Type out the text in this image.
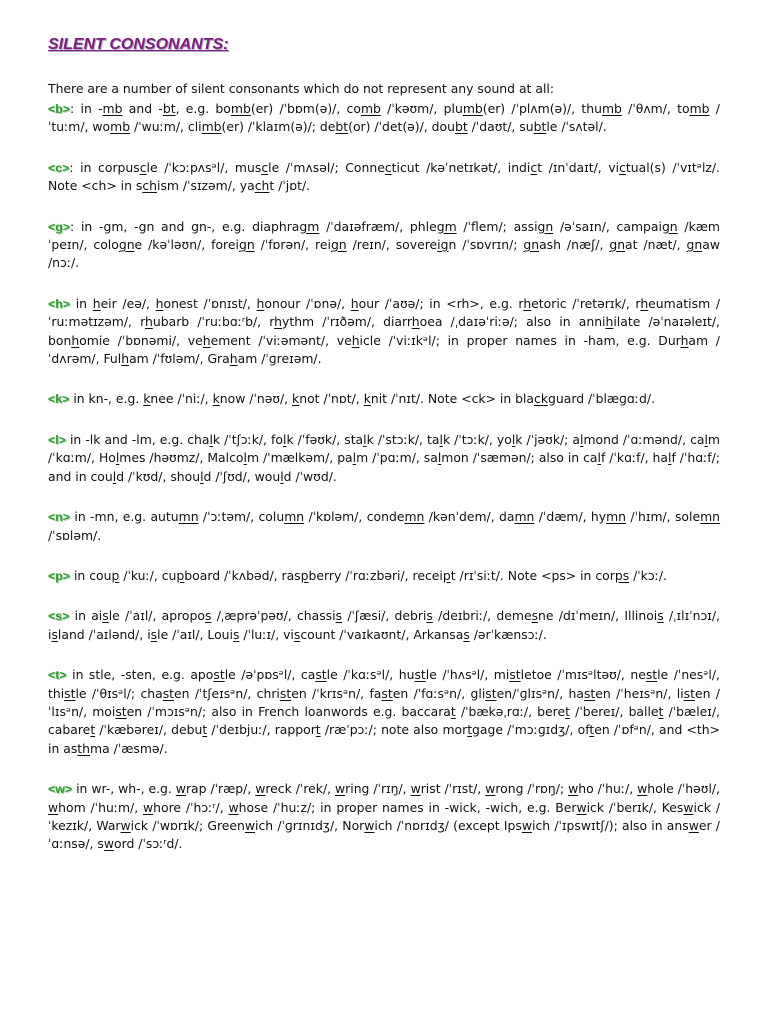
SILENT CONSONANTS:

There are a number of silent consonants which do not represent any sound at all:

<b>: in -mb and -bt, e.g. bomb(er) /ˈbɒm(ə)/, comb /ˈkəʊm/, plumb(er) /ˈplʌm(ə)/, thumb /ˈθʌm/, tomb /ˈtuːm/, womb /ˈwuːm/, climb(er) /ˈklaɪm(ə)/; debt(or) /ˈdet(ə)/, doubt /ˈdaʊt/, subtle /ˈsʌtəl/.

<c>: in corpuscle /ˈkɔːpʌsᵊl/, muscle /ˈmʌsəl/; Connecticut /kəˈnetɪkət/, indict /ɪnˈdaɪt/, victual(s) /ˈvɪtᵊlz/. Note <ch> in schism /ˈsɪzəm/, yacht /ˈjɒt/.

<g>: in -gm, -gn and gn-, e.g. diaphragm /ˈdaɪəfræm/, phlegm /ˈflem/; assign /əˈsaɪn/, campaign /kæmˈpeɪn/, cologne /kəˈləʊn/, foreign /ˈfɒrən/, reign /reɪn/, sovereign /ˈsɒvrɪn/; gnash /næʃ/, gnat /næt/, gnaw /nɔː/.

<h> in heir /eə/, honest /ˈɒnɪst/, honour /ˈɒnə/, hour /ˈaʊə/; in <rh>, e.g. rhetoric /ˈretərɪk/, rheumatism /ˈruːmətɪzəm/, rhubarb /ˈruːbɑːʳb/, rhythm /ˈrɪðəm/, diarrhoea /ˌdaɪəˈriːə/; also in annihilate /əˈnaɪəleɪt/, bonhomie /ˈbɒnəmi/, vehement /ˈviːəmənt/, vehicle /ˈviːɪkᵊl/; in proper names in -ham, e.g. Durham /ˈdʌrəm/, Fulham /ˈfʊləm/, Graham /ˈɡreɪəm/.

<k> in kn-, e.g. knee /ˈniː/, know /ˈnəʊ/, knot /ˈnɒt/, knit /ˈnɪt/. Note <ck> in blackguard /ˈblæɡɑːd/.

<l> in -lk and -lm, e.g. chalk /ˈtʃɔːk/, folk /ˈfəʊk/, stalk /ˈstɔːk/, talk /ˈtɔːk/, yolk /ˈjəʊk/; almond /ˈɑːmənd/, calm /ˈkɑːm/, Holmes /həʊmz/, Malcolm /ˈmælkəm/, palm /ˈpɑːm/, salmon /ˈsæmən/; also in calf /ˈkɑːf/, half /ˈhɑːf/; and in could /ˈkʊd/, should /ˈʃʊd/, would /ˈwʊd/.

<n> in -mn, e.g. autumn /ˈɔːtəm/, column /ˈkɒləm/, condemn /kənˈdem/, damn /ˈdæm/, hymn /ˈhɪm/, solemn /ˈsɒləm/.

<p> in coup /ˈkuː/, cupboard /ˈkʌbəd/, raspberry /ˈrɑːzbəri/, receipt /rɪˈsiːt/. Note <ps> in corps /ˈkɔː/.

<s> in aisle /ˈaɪl/, apropos /ˌæprəˈpəʊ/, chassis /ˈʃæsi/, debris /deɪbriː/, demesne /dɪˈmeɪn/, Illinois /ˌɪlɪˈnɔɪ/, island /ˈaɪlənd/, isle /ˈaɪl/, Louis /ˈluːɪ/, viscount /ˈvaɪkaʊnt/, Arkansas /ərˈkænsɔː/.

<t> in stle, -sten, e.g. apostle /əˈpɒsᵊl/, castle /ˈkɑːsᵊl/, hustle /ˈhʌsᵊl/, mistletoe /ˈmɪsᵊltəʊ/, nestle /ˈnesᵊl/, thistle /ˈθɪsᵊl/; chasten /ˈtʃeɪsᵊn/, christen /ˈkrɪsᵊn/, fasten /ˈfɑːsᵊn/, glisten/ˈɡlɪsᵊn/, hasten /ˈheɪsᵊn/, listen /ˈlɪsᵊn/, moisten /ˈmɔɪsᵊn/; also in French loanwords e.g. baccarat /ˈbækəˌrɑː/, beret /ˈbereɪ/, ballet /ˈbæleɪ/, cabaret /ˈkæbəreɪ/, debut /ˈdeɪbjuː/, rapport /ræˈpɔː/; note also mortgage /ˈmɔːɡɪdʒ/, often /ˈɒfᵊn/, and <th> in asthma /ˈæsmə/.

<w> in wr-, wh-, e.g. wrap /ˈræp/, wreck /ˈrek/, wring /ˈrɪŋ/, wrist /ˈrɪst/, wrong /ˈrɒŋ/; who /ˈhuː/, whole /ˈhəʊl/, whom /ˈhuːm/, whore /ˈhɔːʳ/, whose /ˈhuːz/; in proper names in -wick, -wich, e.g. Berwick /ˈberɪk/, Keswick /ˈkezɪk/, Warwick /ˈwɒrɪk/; Greenwich /ˈɡrɪnɪdʒ/, Norwich /ˈnɒrɪdʒ/ (except Ipswich /ˈɪpswɪtʃ/); also in answer /ˈɑːnsə/, sword /ˈsɔːʳd/.
